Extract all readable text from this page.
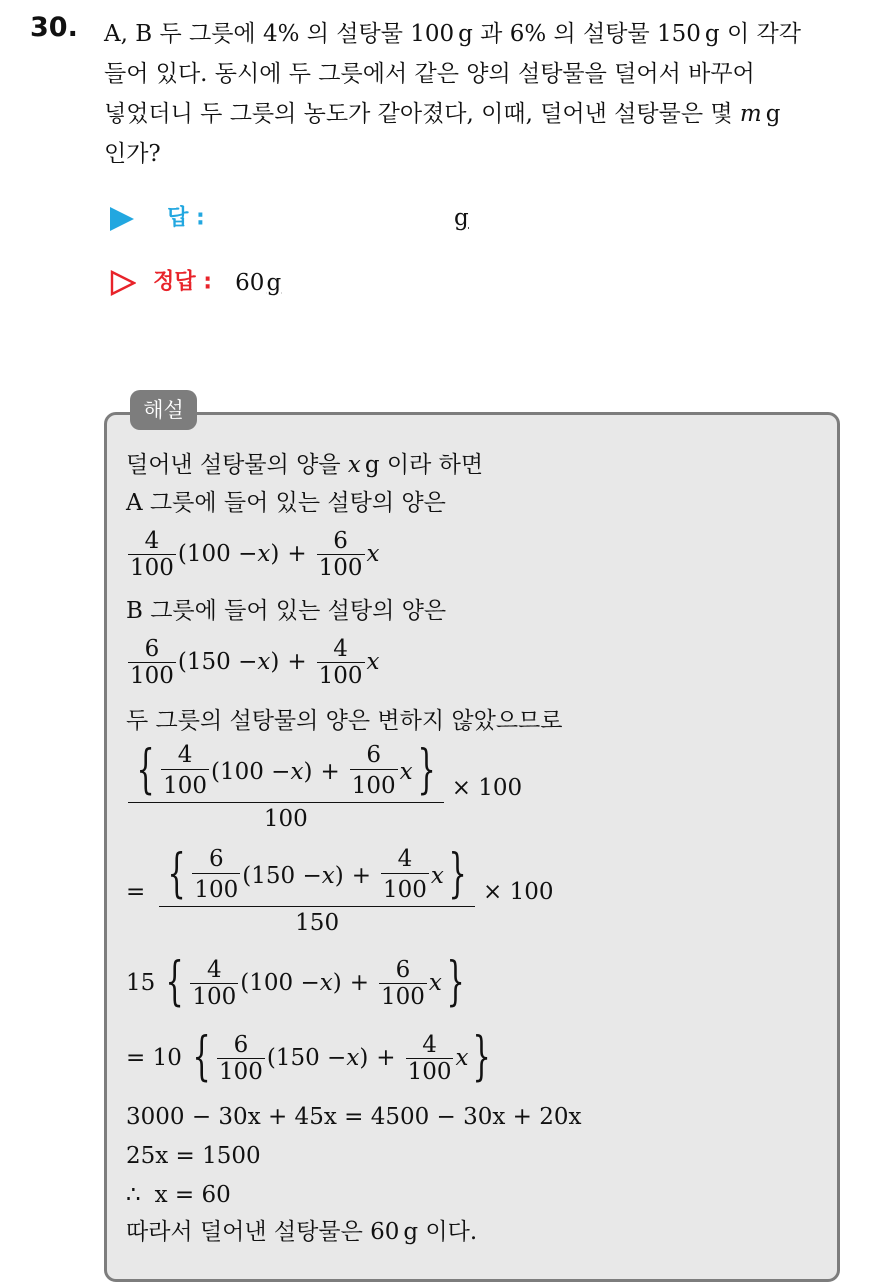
30. A, B 두 그릇에 4% 의 설탕물 100 g 과 6% 의 설탕물 150 g 이 각각
들어 있다. 동시에 두 그릇에서 같은 양의 설탕물을 덜어서 바꾸어
넣었더니 두 그릇의 농도가 같아졌다, 이때, 덜어낸 설탕물은 몇 m g
인가?
답 :	g
정답 : 60g
해설
덜어낸 설탕물의 양을 x g 이라 하면
A 그릇에 들어 있는 설탕의 양은
$\frac{4}{100} (100 - x$ ) + $\frac{6}{100}$ x
B 그릇에 들어 있는 설탕의 양은
$\frac{6}{100} (150 - x$ ) + $\frac{4}{100}$ x
두 그릇의 설탕물의 양은 변하지 않았으므로
{ $\frac{4}{100} (100 - x$ ) + $\frac{6}{100}$ x }
100
× 100
= { $\frac{6}{100} (150 - x$ ) + $\frac{4}{100}$ x }
150
× 100
15 { $\frac{4}{100} (100 - x$ ) + $\frac{6}{100}$ x }
= 10 { $\frac{6}{100} (150 - x$ ) + $\frac{4}{100}$ x }
3000 − 30x + 45x = 4500 − 30x + 20x
25x = 1500
∴ x = 60
따라서 덜어낸 설탕물은 60 g 이다.
